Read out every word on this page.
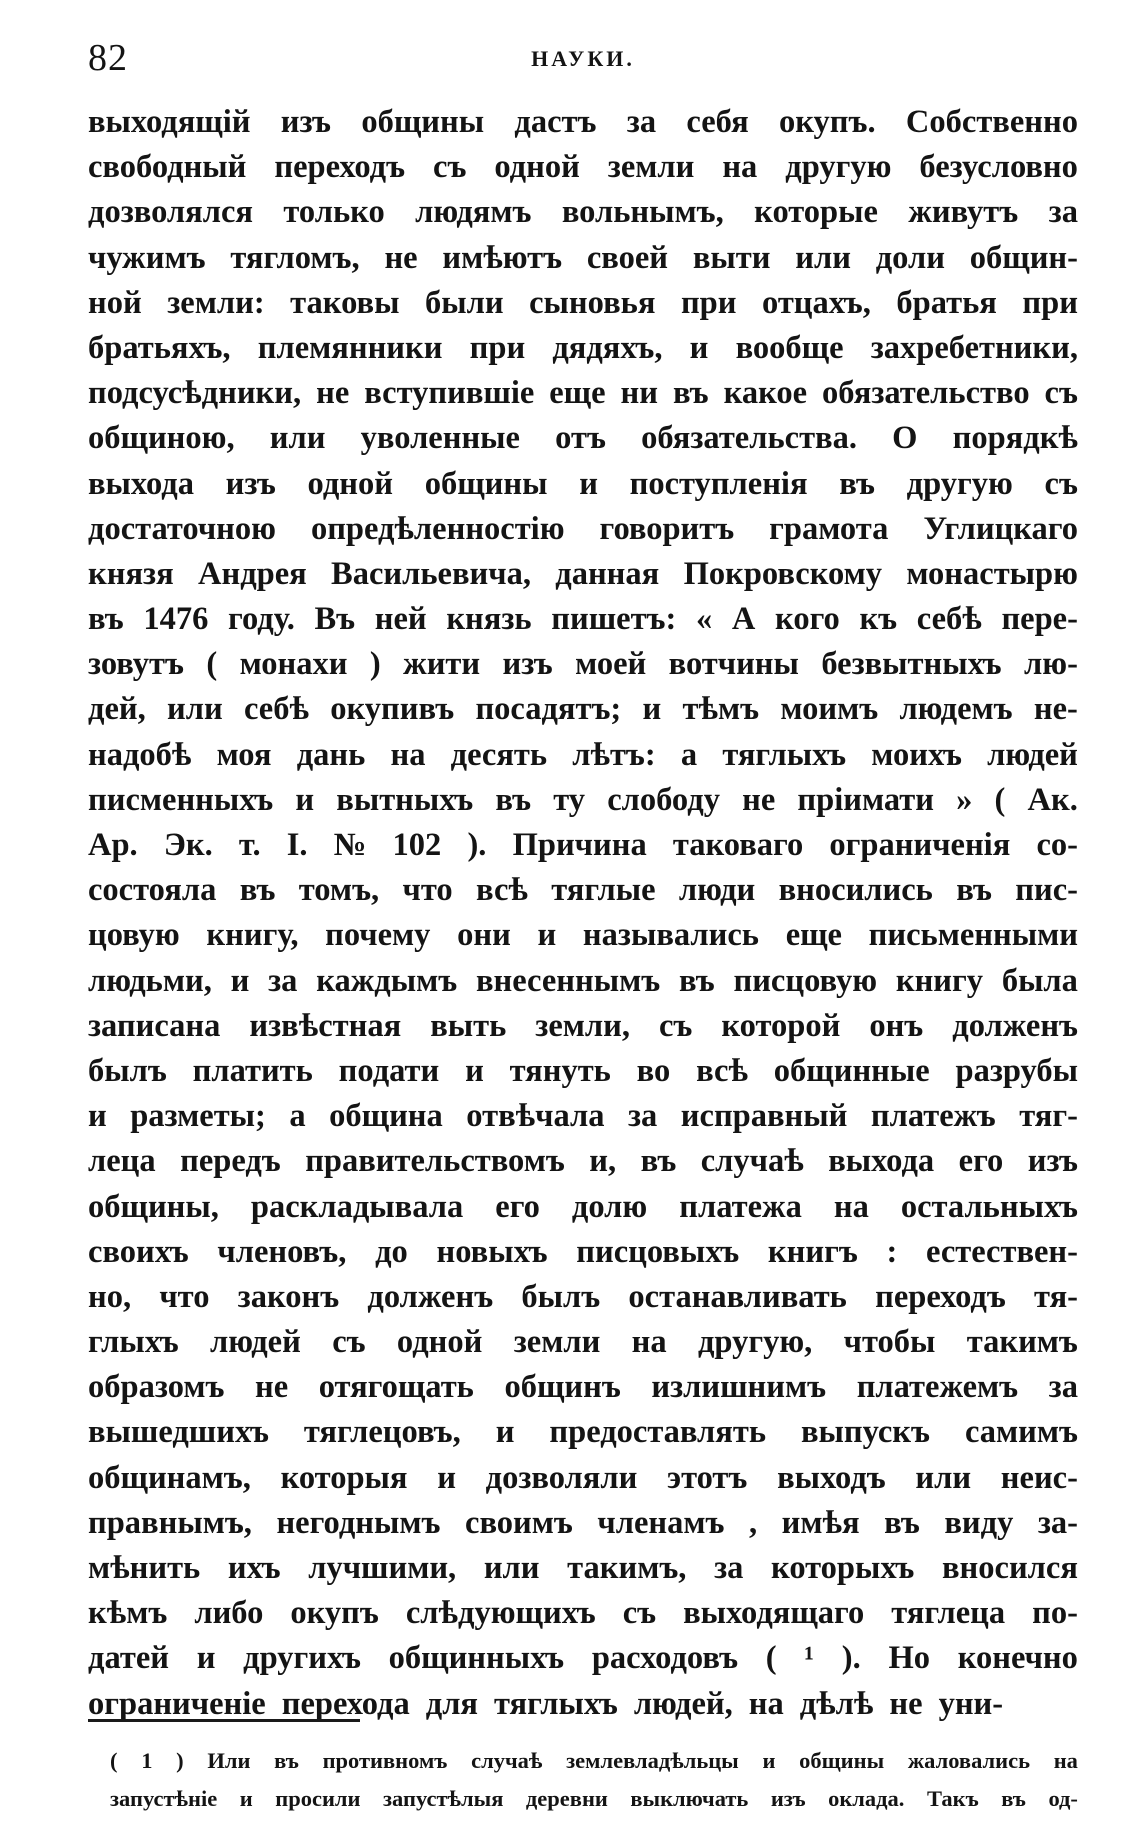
82	НАУКИ.
выходящій изъ общины дастъ за себя окупъ. Собственно
свободный переходъ съ одной земли на другую безусловно
дозволялся только людямъ вольнымъ, которые живутъ за
чужимъ тягломъ, не имѣютъ своей выти или доли общин-
ной земли: таковы были сыновья при отцахъ, братья при
братьяхъ, племянники при дядяхъ, и вообще захребетники,
подсусѣдники, не вступившіе еще ни въ какое обязательство съ
общиною, или уволенные отъ обязательства. О порядкѣ
выхода изъ одной общины и поступленія въ другую съ
достаточною опредѣленностію говоритъ грамота Углицкаго
князя Андрея Васильевича, данная Покровскому монастырю
въ 1476 году. Въ ней князь пишетъ: « А кого къ себѣ пере-
зовутъ ( монахи ) жити изъ моей вотчины безвытныхъ лю-
дей, или себѣ окупивъ посадятъ; и тѣмъ моимъ людемъ не-
надобѣ моя дань на десять лѣтъ: а тяглыхъ моихъ людей
писменныхъ и вытныхъ въ ту слободу не пріимати » ( Ак.
Ар. Эк. т. I. № 102 ). Причина таковаго ограниченія со-
состояла въ томъ, что всѣ тяглые люди вносились въ пис-
цовую книгу, почему они и назывались еще письменными
людьми, и за каждымъ внесеннымъ въ писцовую книгу была
записана извѣстная выть земли, съ которой онъ долженъ
былъ платить подати и тянуть во всѣ общинные разрубы
и разметы; а община отвѣчала за исправный платежъ тяг-
леца передъ правительствомъ и, въ случаѣ выхода его изъ
общины, раскладывала его долю платежа на остальныхъ
своихъ членовъ, до новыхъ писцовыхъ книгъ : естествен-
но, что законъ долженъ былъ останавливать переходъ тя-
глыхъ людей съ одной земли на другую, чтобы такимъ
образомъ не отягощать общинъ излишнимъ платежемъ за
вышедшихъ тяглецовъ, и предоставлять выпускъ самимъ
общинамъ, которыя и дозволяли этотъ выходъ или неис-
правнымъ, негоднымъ своимъ членамъ , имѣя въ виду за-
мѣнить ихъ лучшими, или такимъ, за которыхъ вносился
кѣмъ либо окупъ слѣдующихъ съ выходящаго тяглеца по-
датей и другихъ общинныхъ расходовъ ( ¹ ). Но конечно
ограниченіе перехода для тяглыхъ людей, на дѣлѣ не уни-
( 1 ) Или въ противномъ случаѣ землевладѣльцы и общины жаловались на
запустѣніе и просили запустѣлыя деревни выключать изъ оклада. Такъ въ од-
